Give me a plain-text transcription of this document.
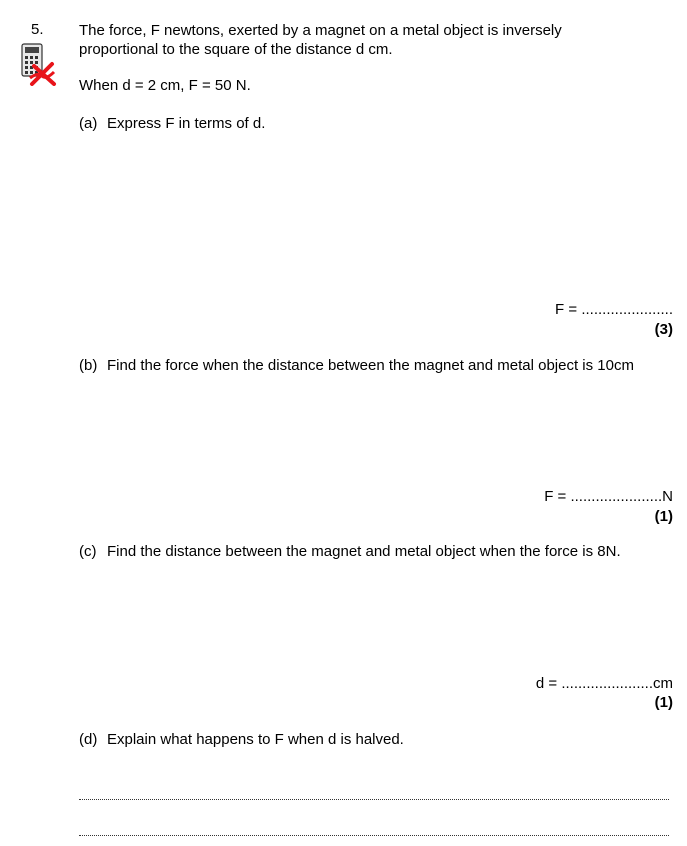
5. The force, F newtons, exerted by a magnet on a metal object is inversely proportional to the square of the distance d cm.
When d = 2 cm, F = 50 N.
(a) Express F in terms of d.
F = ......................
(3)
(b) Find the force when the distance between the magnet and metal object is 10cm
F = ......................N
(1)
(c) Find the distance between the magnet and metal object when the force is 8N.
d = ......................cm
(1)
(d) Explain what happens to F when d is halved.
